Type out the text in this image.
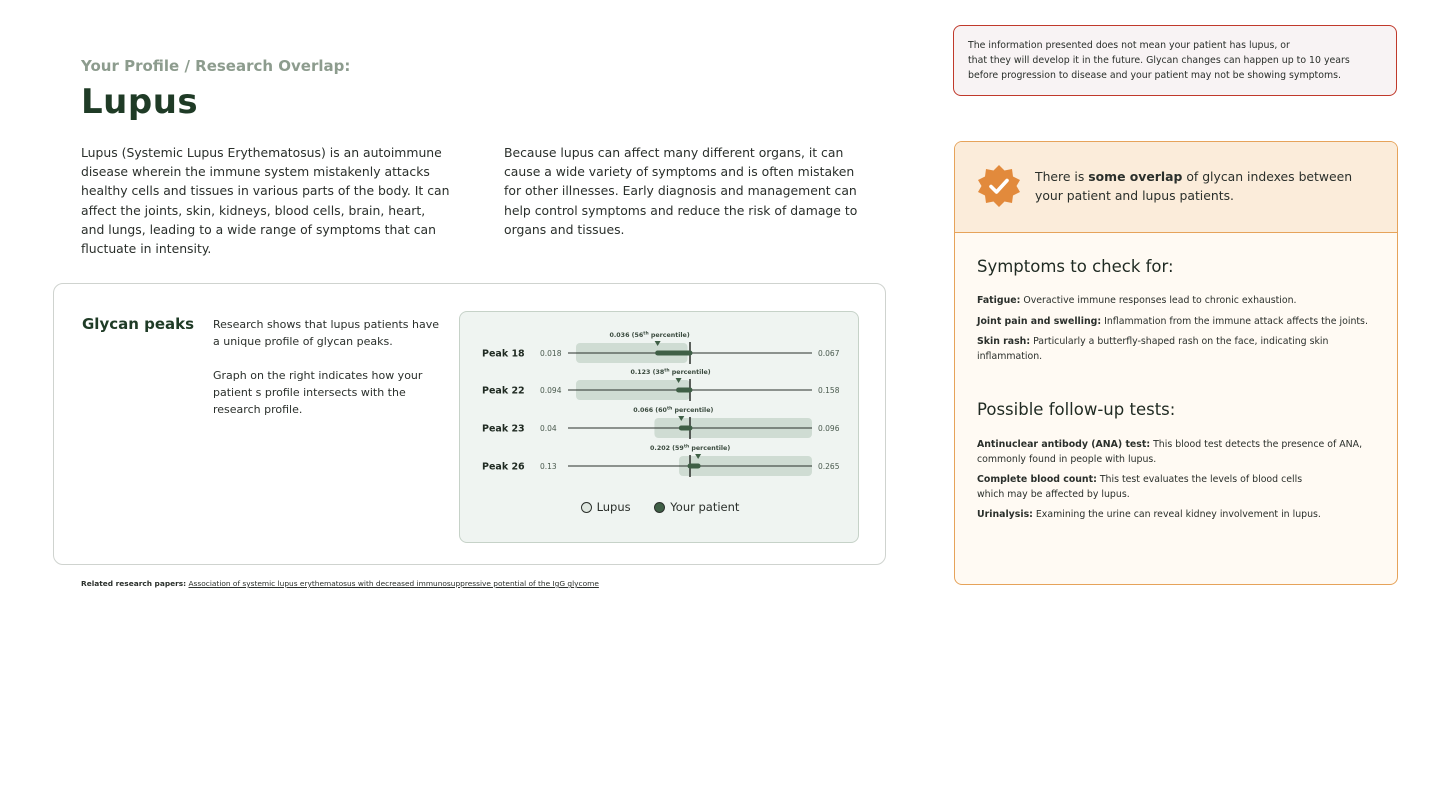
Your Profile / Research Overlap:
Lupus

Lupus (Systemic Lupus Erythematosus) is an autoimmune disease wherein the immune system mistakenly attacks healthy cells and tissues in various parts of the body. It can affect the joints, skin, kidneys, blood cells, brain, heart, and lungs, leading to a wide range of symptoms that can fluctuate in intensity.

Because lupus can affect many different organs, it can cause a wide variety of symptoms and is often mistaken for other illnesses. Early diagnosis and management can help control symptoms and reduce the risk of damage to organs and tissues.

Glycan peaks Research shows that lupus patients have a unique profile of glycan peaks.

Graph on the right indicates how your patient s profile intersects with the research profile.

0.036 (56th percentile)
Peak 18 0.018	0.067
0.123 (38th percentile)
Peak 22 0.094	0.158
0.066 (60th percentile)
Peak 23 0.04	0.096
0.202 (59th percentile)
Peak 26 0.13	0.265
Lupus
	Your patient
Related research papers: Association of systemic lupus erythematosus with decreased immunosuppressive potential of the IgG glycome
The information presented does not mean your patient has lupus, or
that they will develop it in the future. Glycan changes can happen up to 10 years
before progression to disease and your patient may not be showing symptoms.
There is some overlap of glycan indexes between your patient and lupus patients.
Symptoms to check for:
Fatigue: Overactive immune responses lead to chronic exhaustion.
Joint pain and swelling: Inflammation from the immune attack affects the joints.
Skin rash: Particularly a butterfly-shaped rash on the face, indicating skin inflammation.
Possible follow-up tests:
Antinuclear antibody (ANA) test: This blood test detects the presence of ANA, commonly found in people with lupus.
Complete blood count: This test evaluates the levels of blood cells which may be affected by lupus.
Urinalysis: Examining the urine can reveal kidney involvement in lupus.
